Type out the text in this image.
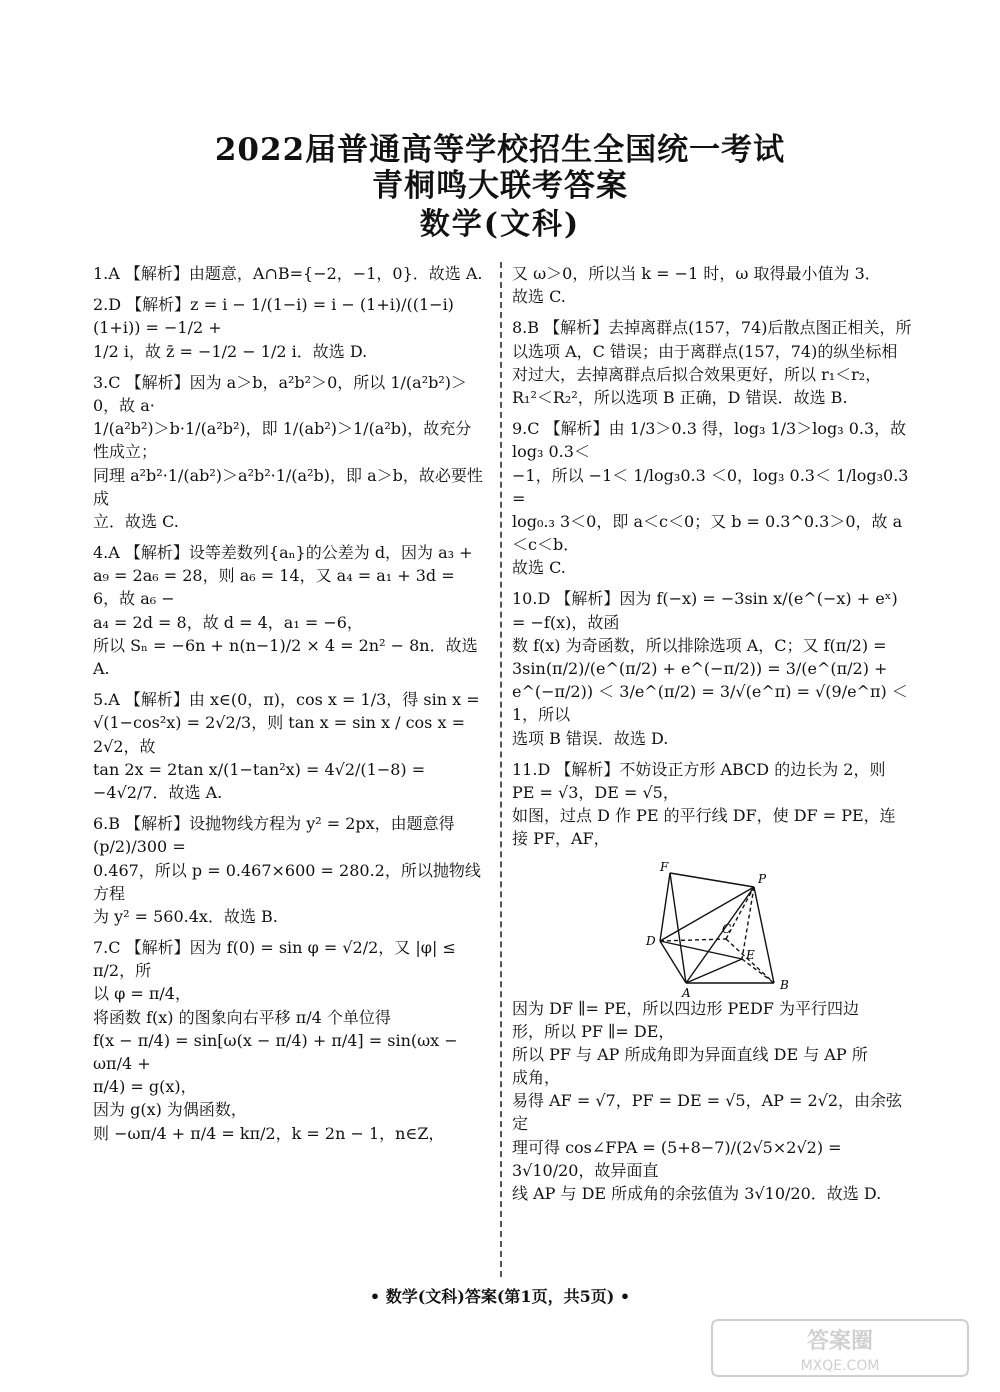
2022届普通高等学校招生全国统一考试
青桐鸣大联考答案
数学(文科)
1.A 【解析】由题意，A∩B={−2，−1，0}．故选 A.
2.D 【解析】z = i − 1/(1−i) = i − (1+i)/((1−i)(1+i)) = −1/2 +
1/2 i，故 z̄ = −1/2 − 1/2 i．故选 D.
3.C 【解析】因为 a＞b，a²b²＞0，所以 1/(a²b²)＞0，故 a·
1/(a²b²)＞b·1/(a²b²)，即 1/(ab²)＞1/(a²b)，故充分性成立；
同理 a²b²·1/(ab²)＞a²b²·1/(a²b)，即 a＞b，故必要性成
立．故选 C.
4.A 【解析】设等差数列{aₙ}的公差为 d，因为 a₃ +
a₉ = 2a₆ = 28，则 a₆ = 14，又 a₄ = a₁ + 3d = 6，故 a₆ −
a₄ = 2d = 8，故 d = 4，a₁ = −6，
所以 Sₙ = −6n + n(n−1)/2 × 4 = 2n² − 8n．故选 A.
5.A 【解析】由 x∈(0，π)，cos x = 1/3，得 sin x =
√(1−cos²x) = 2√2/3，则 tan x = sin x / cos x = 2√2，故
tan 2x = 2tan x/(1−tan²x) = 4√2/(1−8) = −4√2/7．故选 A.
6.B 【解析】设抛物线方程为 y² = 2px，由题意得 (p/2)/300 =
0.467，所以 p = 0.467×600 = 280.2，所以抛物线方程
为 y² = 560.4x．故选 B.
7.C 【解析】因为 f(0) = sin φ = √2/2，又 |φ| ≤ π/2，所
以 φ = π/4，
将函数 f(x) 的图象向右平移 π/4 个单位得
f(x − π/4) = sin[ω(x − π/4) + π/4] = sin(ωx − ωπ/4 +
π/4) = g(x)，
因为 g(x) 为偶函数，
则 −ωπ/4 + π/4 = kπ/2，k = 2n − 1，n∈Z，
又 ω＞0，所以当 k = −1 时，ω 取得最小值为 3．
故选 C.
8.B 【解析】去掉离群点(157，74)后散点图正相关，所
以选项 A，C 错误；由于离群点(157，74)的纵坐标相
对过大，去掉离群点后拟合效果更好，所以 r₁＜r₂，
R₁²＜R₂²，所以选项 B 正确，D 错误．故选 B.
9.C 【解析】由 1/3＞0.3 得，log₃ 1/3＞log₃ 0.3，故 log₃ 0.3＜
−1，所以 −1＜ 1/log₃0.3 ＜0，log₃ 0.3＜ 1/log₃0.3 =
log₀.₃ 3＜0，即 a＜c＜0；又 b = 0.3^0.3＞0，故 a＜c＜b．
故选 C.
10.D 【解析】因为 f(−x) = −3sin x/(e^(−x) + eˣ) = −f(x)，故函
数 f(x) 为奇函数，所以排除选项 A，C；又 f(π/2) =
3sin(π/2)/(e^(π/2) + e^(−π/2)) = 3/(e^(π/2) + e^(−π/2)) ＜ 3/e^(π/2) = 3/√(e^π) = √(9/e^π) ＜1，所以
选项 B 错误．故选 D.
11.D 【解析】不妨设正方形 ABCD 的边长为 2，则
PE = √3，DE = √5，
如图，过点 D 作 PE 的平行线 DF，使 DF = PE，连
接 PF，AF，
F
P
D
C
E
A
B
因为 DF ∥= PE，所以四边形 PEDF 为平行四边
形，所以 PF ∥= DE，
所以 PF 与 AP 所成角即为异面直线 DE 与 AP 所
成角，
易得 AF = √7，PF = DE = √5，AP = 2√2，由余弦定
理可得 cos∠FPA = (5+8−7)/(2√5×2√2) = 3√10/20，故异面直
线 AP 与 DE 所成角的余弦值为 3√10/20．故选 D.
• 数学(文科)答案(第1页，共5页) •
答案圈
MXQE.COM
